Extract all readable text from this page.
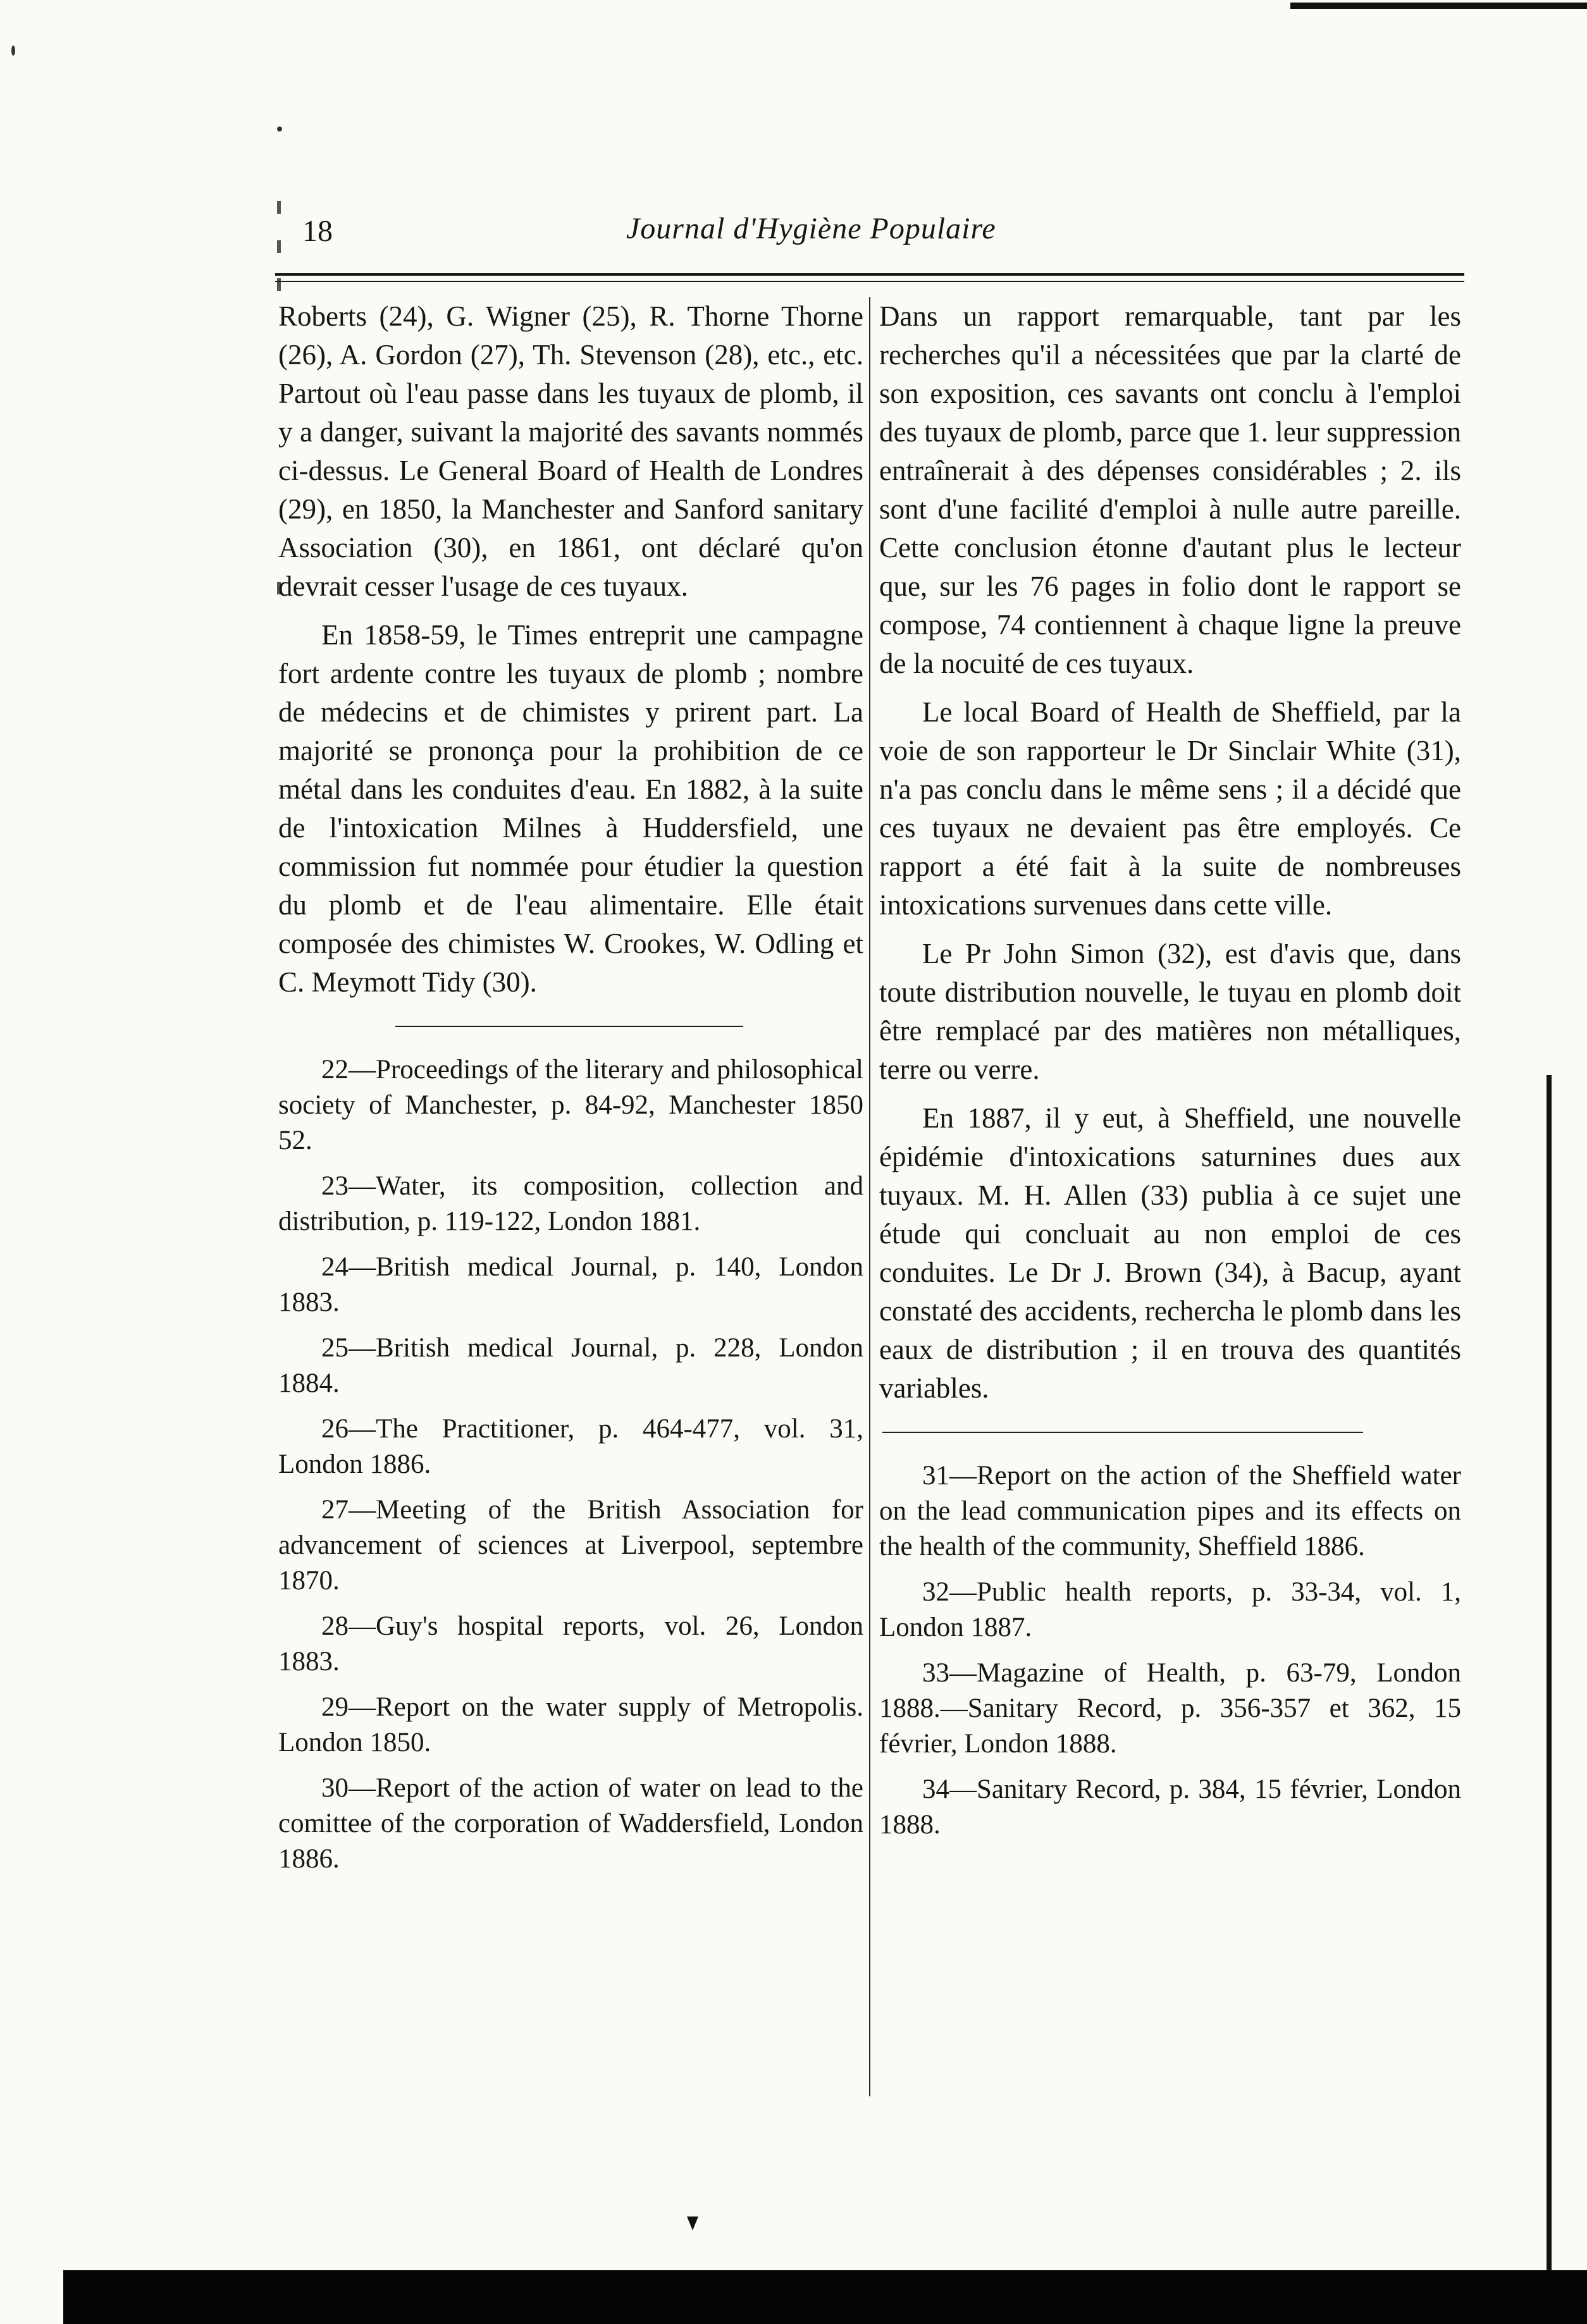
18	Journal d'Hygiène Populaire

Roberts (24), G. Wigner (25), R. Thorne Thorne (26), A. Gordon (27), Th. Stevenson (28), etc., etc. Partout où l'eau passe dans les tuyaux de plomb, il y a danger, suivant la majorité des savants nommés ci-dessus. Le General Board of Health de Londres (29), en 1850, la Manchester and Sanford sanitary Association (30), en 1861, ont déclaré qu'on devrait cesser l'usage de ces tuyaux.

En 1858-59, le Times entreprit une campagne fort ardente contre les tuyaux de plomb ; nombre de médecins et de chimistes y prirent part. La majorité se prononça pour la prohibition de ce métal dans les conduites d'eau. En 1882, à la suite de l'intoxication Milnes à Huddersfield, une commission fut nommée pour étudier la question du plomb et de l'eau alimentaire. Elle était composée des chimistes W. Crookes, W. Odling et C. Meymott Tidy (30).

22—Proceedings of the literary and philosophical society of Manchester, p. 84-92, Manchester 1850 52.

23—Water, its composition, collection and distribution, p. 119-122, London 1881.

24—British medical Journal, p. 140, London 1883.

25—British medical Journal, p. 228, London 1884.

26—The Practitioner, p. 464-477, vol. 31, London 1886.

27—Meeting of the British Association for advancement of sciences at Liverpool, septembre 1870.

28—Guy's hospital reports, vol. 26, London 1883.

29—Report on the water supply of Metropolis. London 1850.

30—Report of the action of water on lead to the comittee of the corporation of Waddersfield, London 1886.

Dans un rapport remarquable, tant par les recherches qu'il a nécessitées que par la clarté de son exposition, ces savants ont conclu à l'emploi des tuyaux de plomb, parce que 1. leur suppression entraînerait à des dépenses considérables ; 2. ils sont d'une facilité d'emploi à nulle autre pareille. Cette conclusion étonne d'autant plus le lecteur que, sur les 76 pages in folio dont le rapport se compose, 74 contiennent à chaque ligne la preuve de la nocuité de ces tuyaux.

Le local Board of Health de Sheffield, par la voie de son rapporteur le Dr Sinclair White (31), n'a pas conclu dans le même sens ; il a décidé que ces tuyaux ne devaient pas être employés. Ce rapport a été fait à la suite de nombreuses intoxications survenues dans cette ville.

Le Pr John Simon (32), est d'avis que, dans toute distribution nouvelle, le tuyau en plomb doit être remplacé par des matières non métalliques, terre ou verre.

En 1887, il y eut, à Sheffield, une nouvelle épidémie d'intoxications saturnines dues aux tuyaux. M. H. Allen (33) publia à ce sujet une étude qui concluait au non emploi de ces conduites. Le Dr J. Brown (34), à Bacup, ayant constaté des accidents, rechercha le plomb dans les eaux de distribution ; il en trouva des quantités variables.

31—Report on the action of the Sheffield water on the lead communication pipes and its effects on the health of the community, Sheffield 1886.

32—Public health reports, p. 33-34, vol. 1, London 1887.

33—Magazine of Health, p. 63-79, London 1888.—Sanitary Record, p. 356-357 et 362, 15 février, London 1888.

34—Sanitary Record, p. 384, 15 février, London 1888.
